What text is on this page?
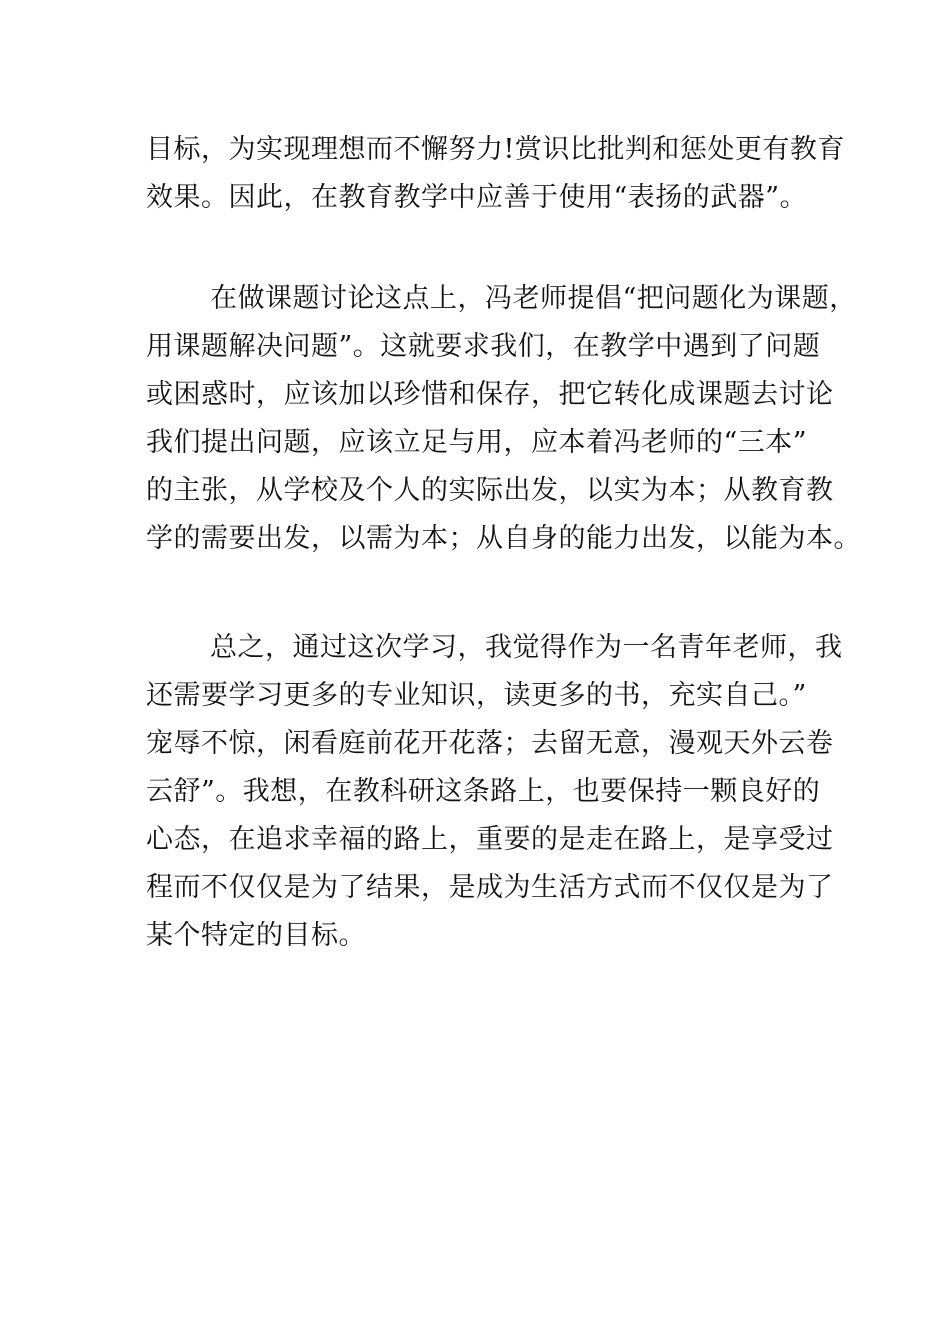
目标，为实现理想而不懈努力!赏识比批判和惩处更有教育
效果。因此，在教育教学中应善于使用“表扬的武器”。
在做课题讨论这点上，冯老师提倡“把问题化为课题，
用课题解决问题”。这就要求我们，在教学中遇到了问题
或困惑时，应该加以珍惜和保存，把它转化成课题去讨论
我们提出问题，应该立足与用，应本着冯老师的“三本”
的主张，从学校及个人的实际出发，以实为本；从教育教
学的需要出发，以需为本；从自身的能力出发，以能为本。
总之，通过这次学习，我觉得作为一名青年老师，我
还需要学习更多的专业知识，读更多的书，充实自己。”
宠辱不惊，闲看庭前花开花落；去留无意，漫观天外云卷
云舒”。我想，在教科研这条路上，也要保持一颗良好的
心态，在追求幸福的路上，重要的是走在路上，是享受过
程而不仅仅是为了结果，是成为生活方式而不仅仅是为了
某个特定的目标。
